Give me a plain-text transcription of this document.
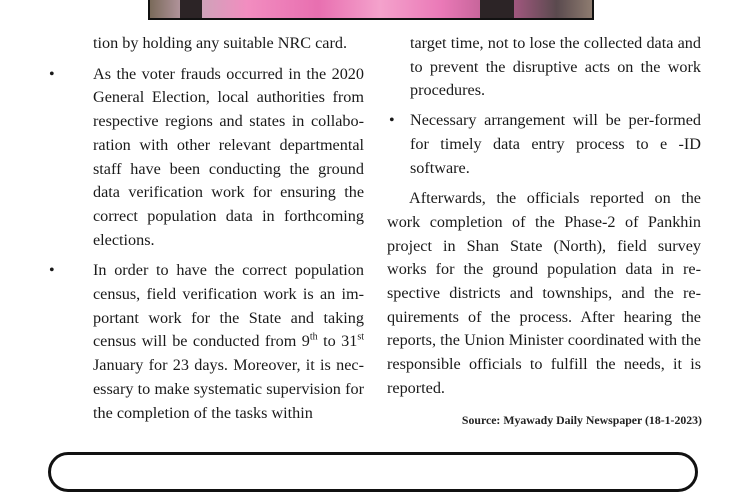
tion by holding any suitable NRC card.

• As the voter frauds occurred in the 2020 General Election, local authorities from respective regions and states in collabo-ration with other relevant departmental staff have been conducting the ground data verification work for ensuring the correct population data in forthcoming elections.

• In order to have the correct population census, field verification work is an im-portant work for the State and taking census will be conducted from 9th to 31st January for 23 days. Moreover, it is nec-essary to make systematic supervision for the completion of the tasks within

target time, not to lose the collected data and to prevent the disruptive acts on the work procedures.

• Necessary arrangement will be per-formed for timely data entry process to e -ID software.

Afterwards, the officials reported on the work completion of the Phase-2 of Pankhin project in Shan State (North), field survey works for the ground population data in re-spective districts and townships, and the re-quirements of the process. After hearing the reports, the Union Minister coordinated with the responsible officials to fulfill the needs, it is reported.

Source: Myawady Daily Newspaper (18-1-2023)
